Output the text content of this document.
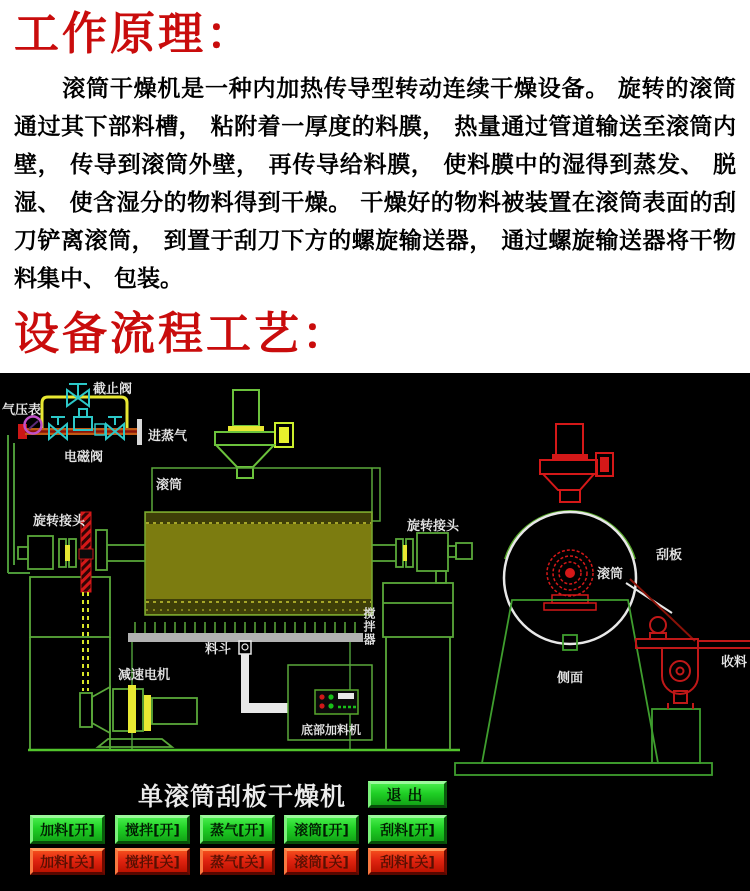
工作原理：

滚筒干燥机是一种内加热传导型转动连续干燥设备。 旋转的滚筒通过其下部料槽， 粘附着一厚度的料膜， 热量通过管道输送至滚筒内壁， 传导到滚筒外壁， 再传导给料膜， 使料膜中的湿得到蒸发、 脱湿、 使含湿分的物料得到干燥。 干燥好的物料被装置在滚筒表面的刮刀铲离滚筒， 到置于刮刀下方的螺旋输送器， 通过螺旋输送器将干物料集中、 包装。

设备流程工艺：
截止阀
气压表
进蒸气
电磁阀
滚筒
旋转接头
减速电机
料斗
底部加料机
旋转接头
滚筒
刮板
侧面
收料
搅拌器
单滚筒刮板干燥机	退出
加料[开]	搅拌[开]	蒸气[开]	滚筒[开]	刮料[开]
加料[关]	搅拌[关]	蒸气[关]	滚筒[关]	刮料[关]
